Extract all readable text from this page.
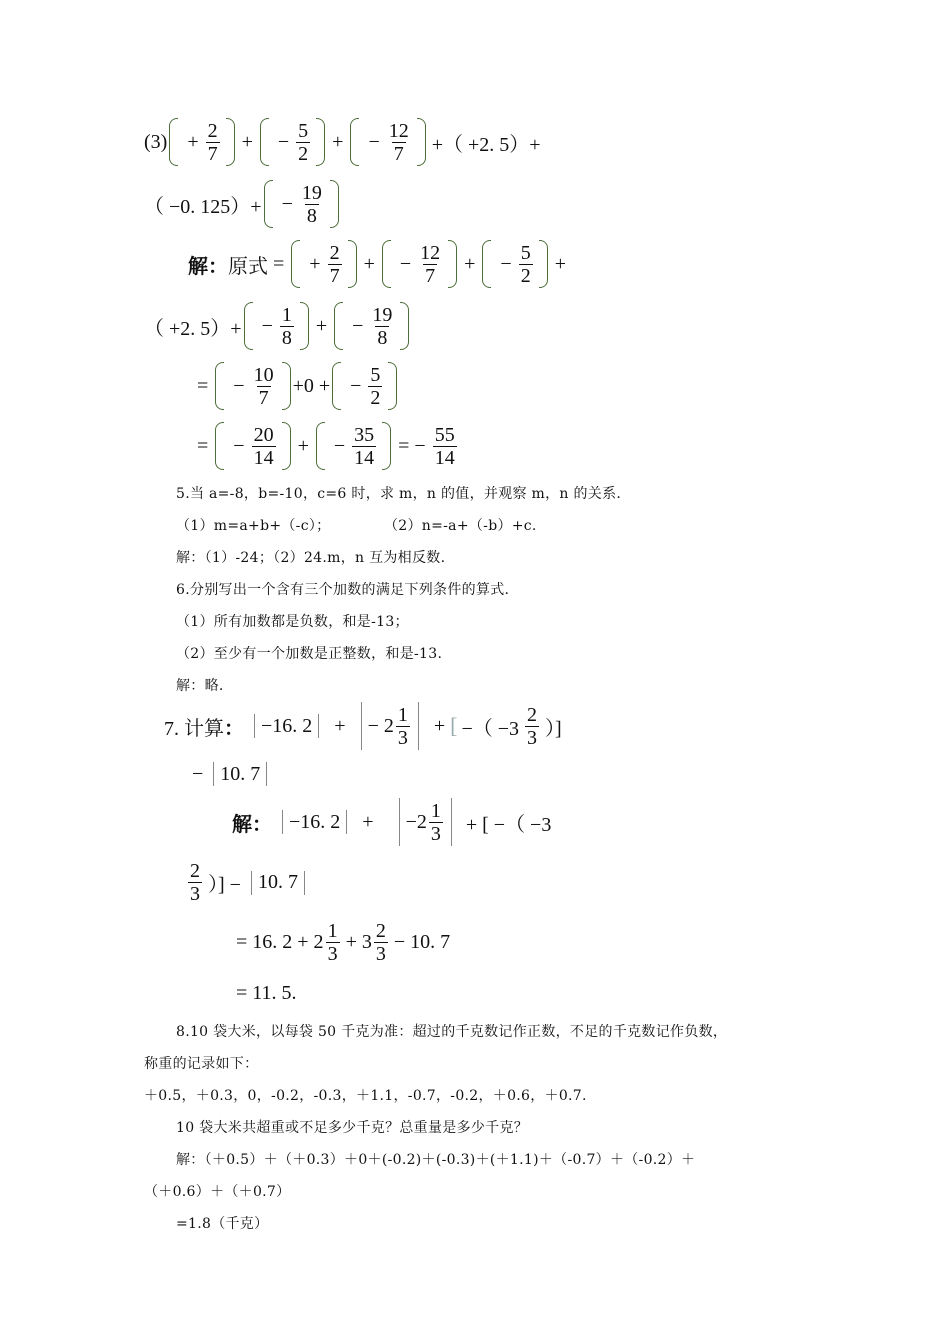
$(3) + \frac{2}{7}$ + − $\frac{5}{2}$ + − $\frac{12}{7}$ +（ +2. 5）+
（ −0. $125)+ - \frac{19}{8}$
解 ： 原式 = + $\frac{2}{7}$ + − $\frac{12}{7}$ + − $\frac{5}{2}$ +
（ +2. $5)+ - \frac{1}{8}$ + − $\frac{19}{8}$
= − $\frac{10}{7} +0$ + − $\frac{5}{2}$
= − $\frac{20}{14}$ + − $\frac{35}{14}$ = − $\frac{55}{14}$
5.当 a=-8，b=-10，c=6 时，求 m，n 的值，并观察 m，n 的关系.
（1）m=a+b+（-c）；	（2）n=-a+（-b）+c.
解：（1）-24；（2）24.m，n 互为相反数.
6.分别写出一个含有三个加数的满足下列条件的算式.
（1）所有加数都是负数，和是-13；
（2）至少有一个加数是正整数，和是-13.
解：略.
7. 计算 ： −16. 2 + −
$2 \frac{1}{3}$ + [ −（ $-3 \frac{2}{3}$ ）]
− 10. 7
解 ： −16. 2 + − $2 \frac{1}{3}$ + [ −（ −3
$\frac{2}{3}$ ）] − 10. 7
= 16. $2 + 2 \frac{1}{3} + 3 \frac{2}{3} - 10$. 7
= 11. 5.
8.10 袋大米，以每袋 50 千克为准：超过的千克数记作正数，不足的千克数记作负数，
称重的记录如下：
＋0.5，＋0.3，0，-0.2，-0.3，＋1.1，-0.7，-0.2，＋0.6，＋0.7.
10 袋大米共超重或不足多少千克？总重量是多少千克？
解：（＋0.5）＋（＋0.3）＋0＋(-0.2)＋(-0.3)＋(＋1.1)＋（-0.7）＋（-0.2）＋
（＋0.6）＋（＋0.7）
=1.8（千克）
